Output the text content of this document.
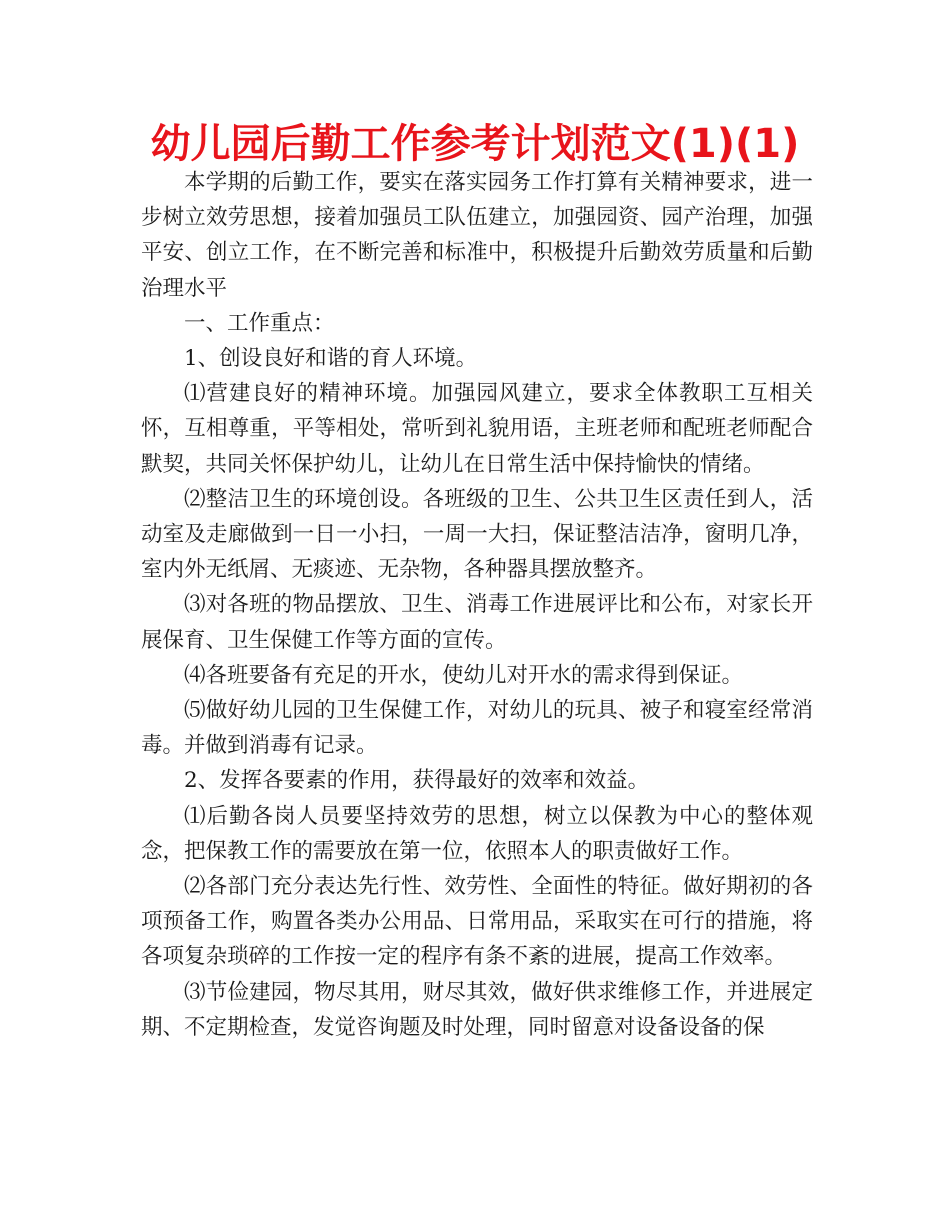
幼儿园后勤工作参考计划范文(1)(1)

本学期的后勤工作，要实在落实园务工作打算有关精神要求，进一步树立效劳思想，接着加强员工队伍建立，加强园资、园产治理，加强平安、创立工作，在不断完善和标准中，积极提升后勤效劳质量和后勤治理水平

一、工作重点：

1、创设良好和谐的育人环境。

⑴营建良好的精神环境。加强园风建立，要求全体教职工互相关怀，互相尊重，平等相处，常听到礼貌用语，主班老师和配班老师配合默契，共同关怀保护幼儿，让幼儿在日常生活中保持愉快的情绪。

⑵整洁卫生的环境创设。各班级的卫生、公共卫生区责任到人，活动室及走廊做到一日一小扫，一周一大扫，保证整洁洁净，窗明几净，室内外无纸屑、无痰迹、无杂物，各种器具摆放整齐。

⑶对各班的物品摆放、卫生、消毒工作进展评比和公布，对家长开展保育、卫生保健工作等方面的宣传。

⑷各班要备有充足的开水，使幼儿对开水的需求得到保证。

⑸做好幼儿园的卫生保健工作，对幼儿的玩具、被子和寝室经常消毒。并做到消毒有记录。

2、发挥各要素的作用，获得最好的效率和效益。

⑴后勤各岗人员要坚持效劳的思想，树立以保教为中心的整体观念，把保教工作的需要放在第一位，依照本人的职责做好工作。

⑵各部门充分表达先行性、效劳性、全面性的特征。做好期初的各项预备工作，购置各类办公用品、日常用品，采取实在可行的措施，将各项复杂琐碎的工作按一定的程序有条不紊的进展，提高工作效率。

⑶节俭建园，物尽其用，财尽其效，做好供求维修工作，并进展定期、不定期检查，发觉咨询题及时处理，同时留意对设备设备的保
